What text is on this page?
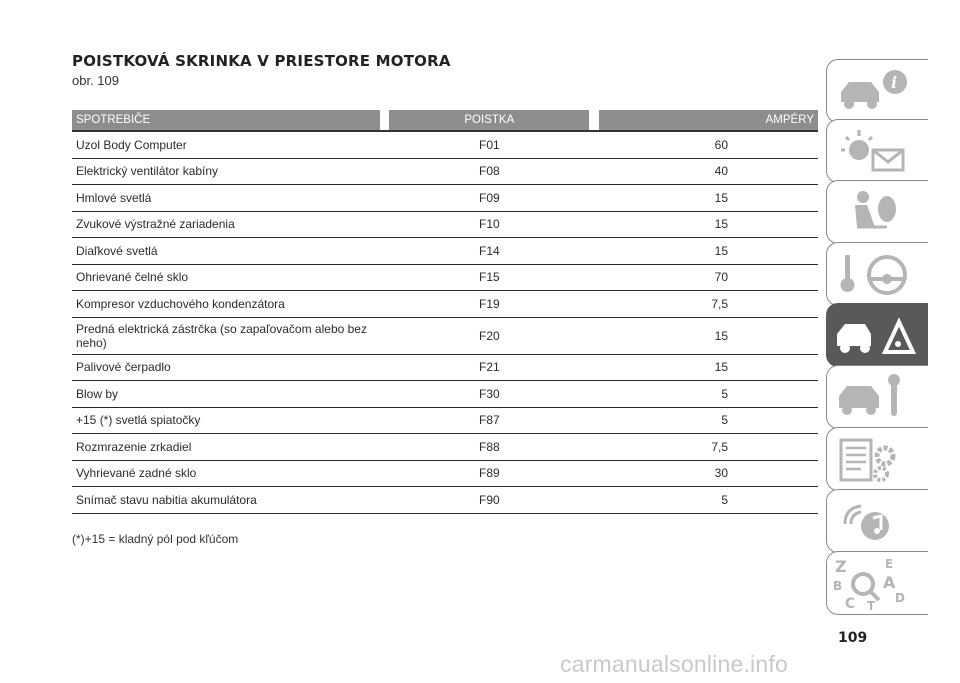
POISTKOVÁ SKRINKA V PRIESTORE MOTORA
obr. 109
SPOTREBIČE		POISTKA		AMPÉRY
Uzol Body Computer		F01		60
Elektrický ventilátor kabíny		F08		40
Hmlové svetlá		F09		15
Zvukové výstražné zariadenia		F10		15
Diaľkové svetlá		F14		15
Ohrievané čelné sklo		F15		70
Kompresor vzduchového kondenzátora		F19		7,5
Predná elektrická zástrčka (so zapaľovačom alebo bez neho)		F20		15
Palivové čerpadlo		F21		15
Blow by		F30		5
+15 (*) svetlá spiatočky		F87		5
Rozmrazenie zrkadiel		F88		7,5
Vyhrievané zadné sklo		F89		30
Snímač stavu nabitia akumulátora		F90		5
(*)+15 = kladný pól pod kľúčom
i
Z	E
B	A
C	D
T
109
carmanualsonline.info
